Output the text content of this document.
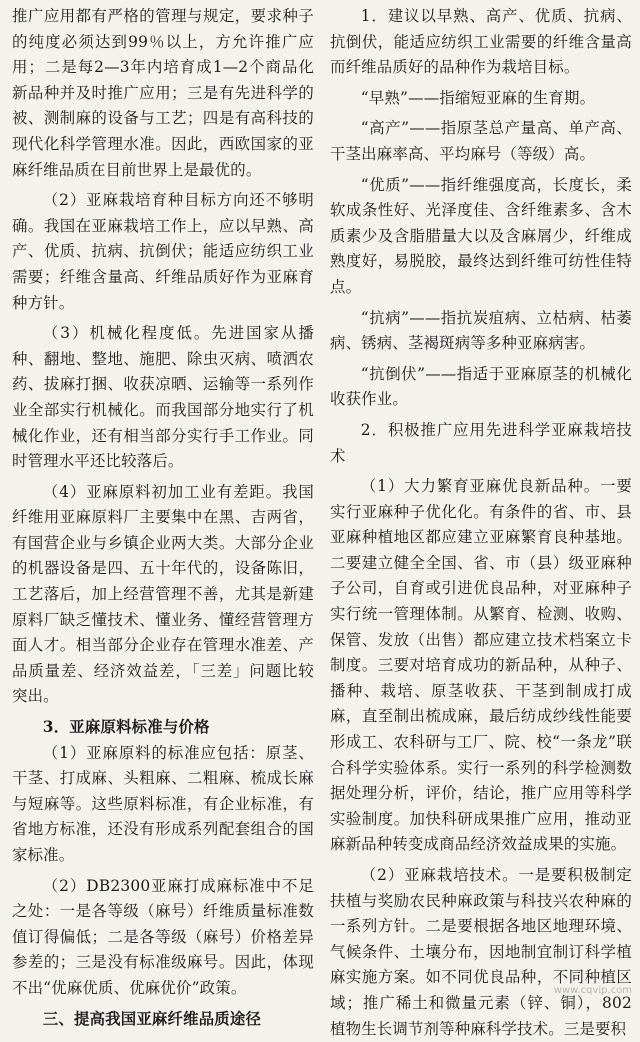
推广应用都有严格的管理与规定，要求种子的纯度必须达到99％以上，方允许推广应用；二是每2—3年内培育成1—2个商品化新品种并及时推广应用；三是有先进科学的被、测制麻的设备与工艺；四是有高科技的现代化科学管理水准。因此，西欧国家的亚麻纤维品质在目前世界上是最优的。

（2）亚麻栽培育种目标方向还不够明确。我国在亚麻栽培工作上，应以早熟、高产、优质、抗病、抗倒伏；能适应纺织工业需要；纤维含量高、纤维品质好作为亚麻育种方针。

（3）机械化程度低。先进国家从播种、翻地、整地、施肥、除虫灭病、喷洒农药、拔麻打捆、收获凉晒、运输等一系列作业全部实行机械化。而我国部分地实行了机械化作业，还有相当部分实行手工作业。同时管理水平还比较落后。

（4）亚麻原料初加工业有差距。我国纤维用亚麻原料厂主要集中在黑、吉两省，有国营企业与乡镇企业两大类。大部分企业的机器设备是四、五十年代的，设备陈旧，工艺落后，加上经营管理不善，尤其是新建原料厂缺乏懂技术、懂业务、懂经营管理方面人才。相当部分企业存在管理水准差、产品质量差、经济效益差，「三差」问题比较突出。

3．亚麻原料标准与价格

（1）亚麻原料的标准应包括：原茎、干茎、打成麻、头粗麻、二粗麻、梳成长麻与短麻等。这些原料标准，有企业标准，有省地方标准，还没有形成系列配套组合的国家标准。

（2）DB2300亚麻打成麻标准中不足之处：一是各等级（麻号）纤维质量标准数值订得偏低；二是各等级（麻号）价格差异参差的；三是没有标准级麻号。因此，体现不出“优麻优质、优麻优价”政策。

三、提高我国亚麻纤维品质途径

1．建议以早熟、高产、优质、抗病、抗倒伏，能适应纺织工业需要的纤维含量高而纤维品质好的品种作为栽培目标。

“早熟”——指缩短亚麻的生育期。

“高产”——指原茎总产量高、单产高、干茎出麻率高、平均麻号（等级）高。

“优质”——指纤维强度高，长度长，柔软成条性好、光泽度佳、含纤维素多、含木质素少及含脂腊量大以及含麻屑少，纤维成熟度好，易脱胶，最终达到纤维可纺性佳特点。

“抗病”——指抗炭疽病、立枯病、枯萎病、锈病、茎褐斑病等多种亚麻病害。

“抗倒伏”——指适于亚麻原茎的机械化收获作业。

2．积极推广应用先进科学亚麻栽培技术

（1）大力繁育亚麻优良新品种。一要实行亚麻种子优化化。有条件的省、市、县亚麻种植地区都应建立亚麻繁育良种基地。二要建立健全全国、省、市（县）级亚麻种子公司，自育或引进优良品种，对亚麻种子实行统一管理体制。从繁育、检测、收购、保管、发放（出售）都应建立技术档案立卡制度。三要对培育成功的新品种，从种子、播种、栽培、原茎收获、干茎到制成打成麻，直至制出梳成麻，最后纺成纱线性能要形成工、农科研与工厂、院、校“一条龙”联合科学实验体系。实行一系列的科学检测数据处理分析，评价，结论，推广应用等科学实验制度。加快科研成果推广应用，推动亚麻新品种转变成商品经济效益成果的实施。

（2）亚麻栽培技术。一是要积极制定扶植与奖励农民种麻政策与科技兴农种麻的一系列方针。二是要根据各地区地理环境、气候条件、土壤分布，因地制宜制订科学植麻实施方案。如不同优良品种，不同种植区域；推广稀土和微量元素（锌、铜），802植物生长调节剂等种麻科学技术。三是要积

www.cqvip.com
